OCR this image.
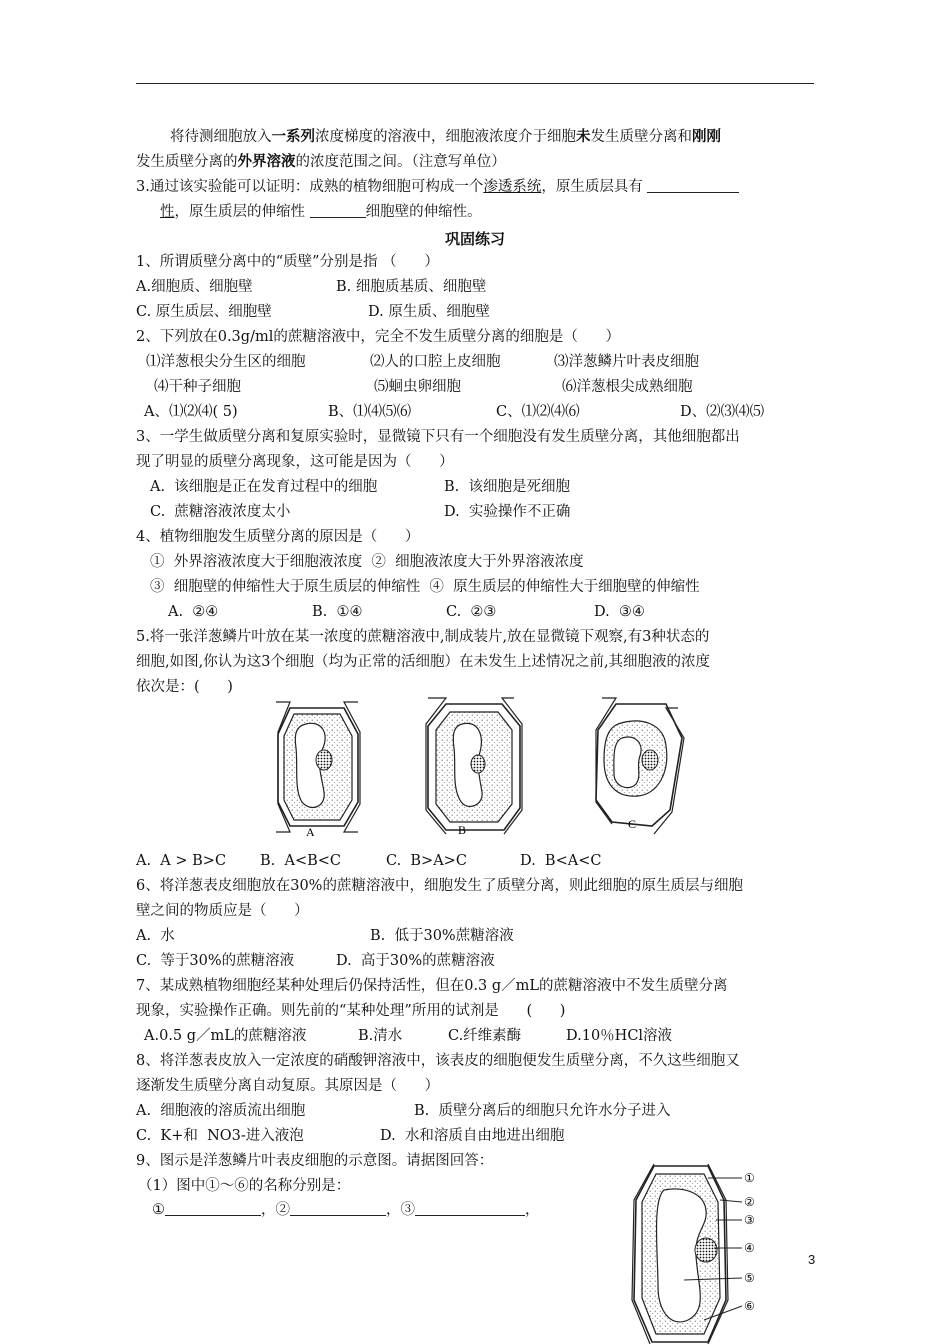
将待测细胞放入一系列浓度梯度的溶液中，细胞液浓度介于细胞未发生质壁分离和刚刚
发生质壁分离的外界溶液的浓度范围之间。（注意写单位）
3.通过该实验能可以证明：成熟的植物细胞可构成一个渗透系统，原生质层具有
性，原生质层的伸缩性	细胞壁的伸缩性。
巩固练习
1、所谓质壁分离中的“质壁”分别是指 （      ）
A.细胞质、细胞壁	B. 细胞质基质、细胞壁
C. 原生质层、细胞壁	D. 原生质、细胞壁
2、下列放在0.3g/ml的蔗糖溶液中，完全不发生质壁分离的细胞是（      ）
⑴洋葱根尖分生区的细胞	⑵人的口腔上皮细胞	⑶洋葱鳞片叶表皮细胞
⑷干种子细胞	⑸蛔虫卵细胞	⑹洋葱根尖成熟细胞
A、⑴⑵⑷( 5)	B、⑴⑷⑸⑹	C、⑴⑵⑷⑹	D、⑵⑶⑷⑸
3、一学生做质壁分离和复原实验时，显微镜下只有一个细胞没有发生质壁分离，其他细胞都出
现了明显的质壁分离现象，这可能是因为（      ）
A.  该细胞是正在发育过程中的细胞	B.  该细胞是死细胞
C.  蔗糖溶液浓度太小	D.  实验操作不正确
4、植物细胞发生质壁分离的原因是（      ）
①  外界溶液浓度大于细胞液浓度  ②  细胞液浓度大于外界溶液浓度
③  细胞壁的伸缩性大于原生质层的伸缩性  ④  原生质层的伸缩性大于细胞壁的伸缩性
A.  ②④	B.  ①④	C.  ②③	D.  ③④
5.将一张洋葱鳞片叶放在某一浓度的蔗糖溶液中,制成装片,放在显微镜下观察,有3种状态的
细胞,如图,你认为这3个细胞（均为正常的活细胞）在未发生上述情况之前,其细胞液的浓度
依次是：(      )
A	B	C
A.  A > B>C B.  A<B<C	C.  B>A>C	D.  B<A<C
6、将洋葱表皮细胞放在30%的蔗糖溶液中，细胞发生了质壁分离，则此细胞的原生质层与细胞
壁之间的物质应是（      ）
A.  水	B.  低于30%蔗糖溶液
C.  等于30%的蔗糖溶液	D.  高于30%的蔗糖溶液
7、某成熟植物细胞经某种处理后仍保持活性，但在0.3 g／mL的蔗糖溶液中不发生质壁分离
现象，实验操作正确。则先前的“某种处理”所用的试剂是      (      )
A.0.5 g／mL的蔗糖溶液	B.清水	C.纤维素酶	D.10％HCl溶液
8、将洋葱表皮放入一定浓度的硝酸钾溶液中，该表皮的细胞便发生质壁分离，不久这些细胞又
逐渐发生质壁分离自动复原。其原因是（      ）
A.  细胞液的溶质流出细胞	B.  质壁分离后的细胞只允许水分子进入
C.  K+和  NO3-进入液泡	D.  水和溶质自由地进出细胞
9、图示是洋葱鳞片叶表皮细胞的示意图。请据图回答：
（1）图中①～⑥的名称分别是：
①	，②	，③	，
①
②
③
④
⑤
⑥
3
